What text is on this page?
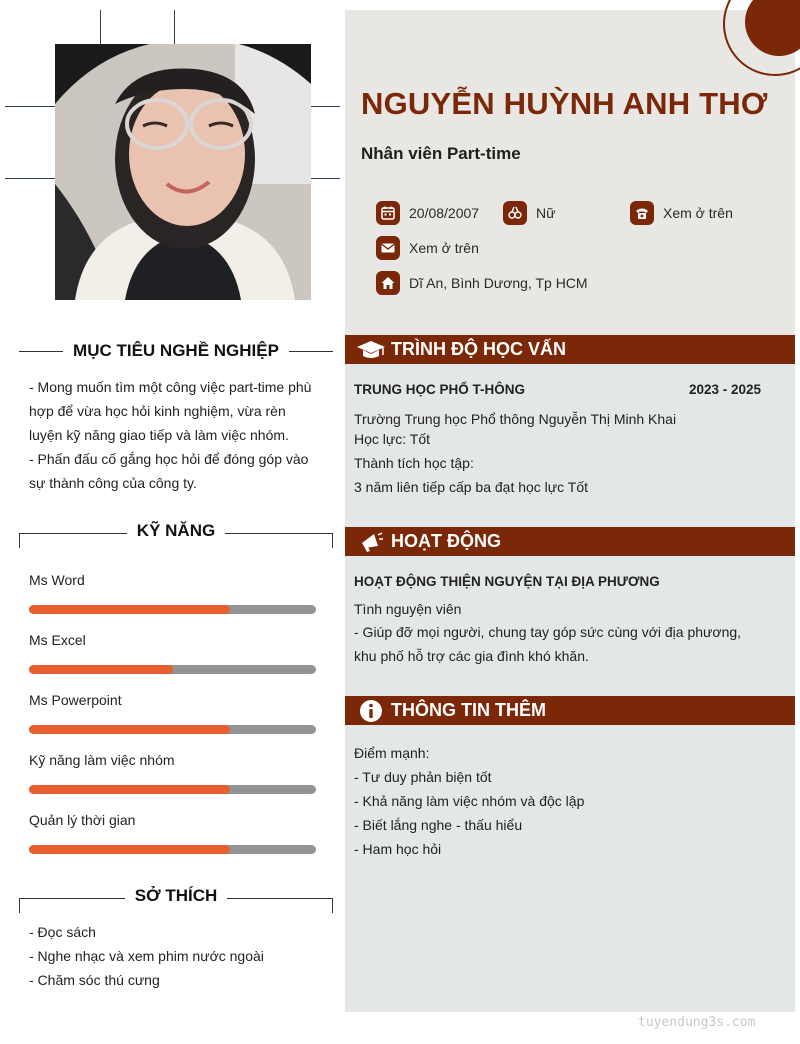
NGUYỄN HUỲNH ANH THƠ
Nhân viên Part-time
20/08/2007	Nữ	Xem ở trên
Xem ở trên
Dĩ An, Bình Dương, Tp HCM
MỤC TIÊU NGHỀ NGHIỆP

- Mong muốn tìm một công việc part-time phù hợp để vừa học hỏi kinh nghiệm, vừa rèn luyện kỹ năng giao tiếp và làm việc nhóm.

- Phấn đấu cố gắng học hỏi để đóng góp vào sự thành công của công ty.

KỸ NĂNG
Ms Word
Ms Excel
Ms Powerpoint
Kỹ năng làm việc nhóm
Quản lý thời gian
SỞ THÍCH

- Đọc sách

- Nghe nhạc và xem phim nước ngoài

- Chăm sóc thú cưng

TRÌNH ĐỘ HỌC VẤN
TRUNG HỌC PHỔ T-HÔNG	2023 - 2025
Trường Trung học Phổ thông Nguyễn Thị Minh Khai
Học lực: Tốt
Thành tích học tập:
3 năm liên tiếp cấp ba đạt học lực Tốt
HOẠT ĐỘNG
HOẠT ĐỘNG THIỆN NGUYỆN TẠI ĐỊA PHƯƠNG
Tình nguyện viên
- Giúp đỡ mọi người, chung tay góp sức cùng với địa phương, khu phố hỗ trợ các gia đình khó khăn.
THÔNG TIN THÊM
Điểm mạnh:
- Tư duy phản biện tốt
- Khả năng làm việc nhóm và độc lập
- Biết lắng nghe - thấu hiểu
- Ham học hỏi
tuyendung3s.com
